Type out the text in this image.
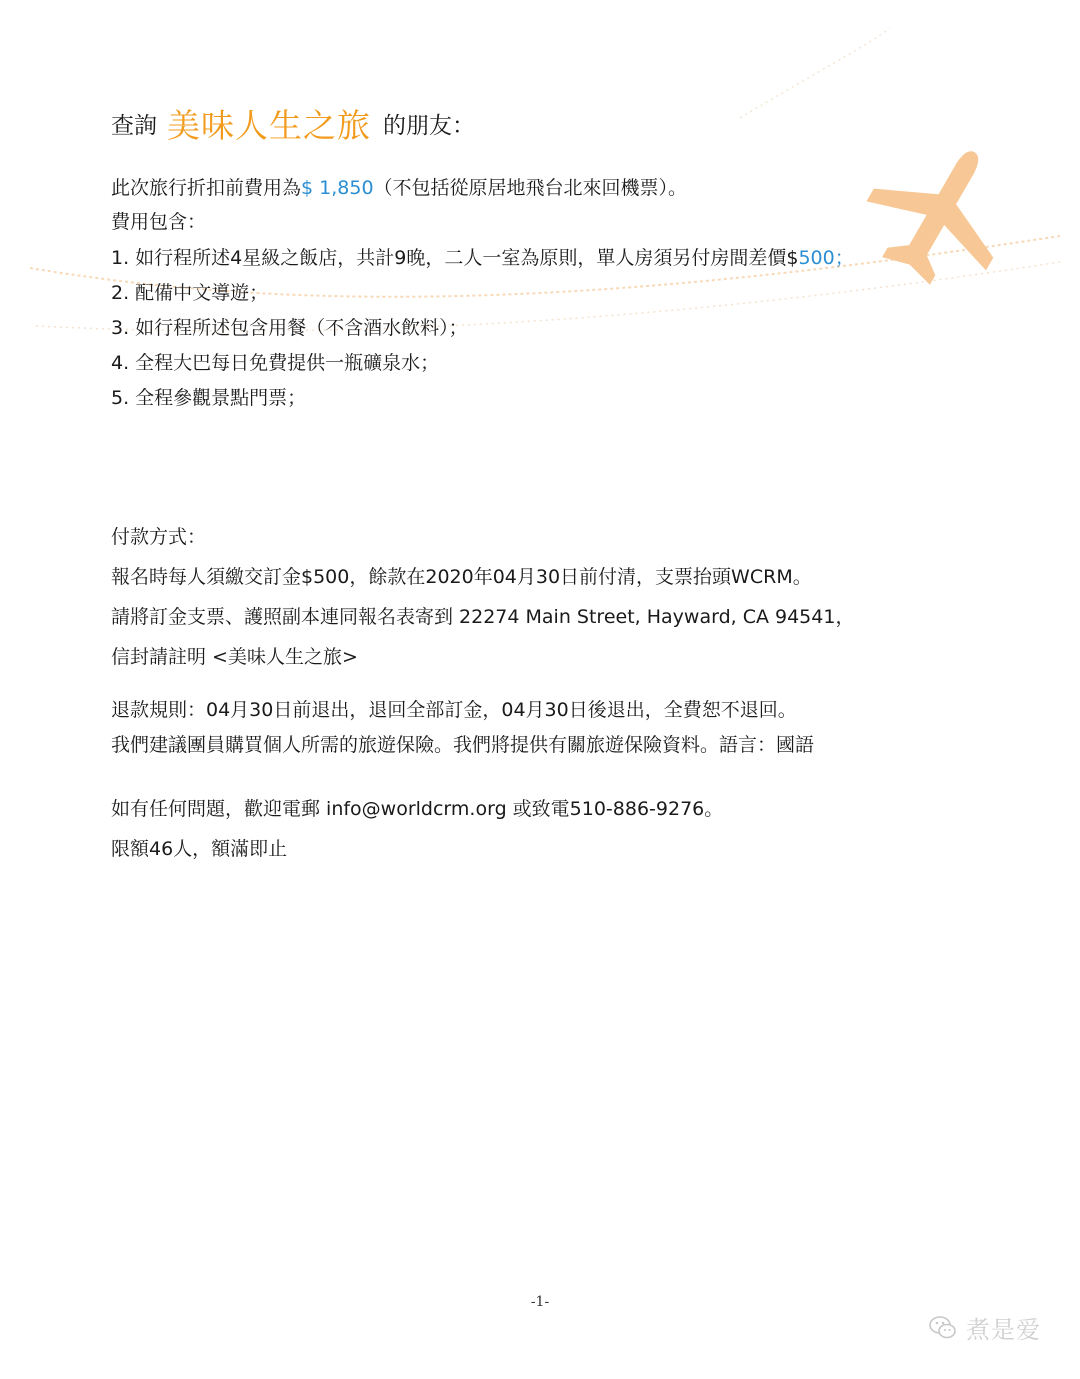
查詢 美味人生之旅 的朋友：
此次旅行折扣前費用為$ 1,850（不包括從原居地飛台北來回機票）。
費用包含：
1. 如行程所述4星級之飯店，共計9晚，二人一室為原則，單人房須另付房間差價$500；
2. 配備中文導遊；
3. 如行程所述包含用餐（不含酒水飲料）；
4. 全程大巴每日免費提供一瓶礦泉水；
5. 全程參觀景點門票；
付款方式：
報名時每人須繳交訂金$500，餘款在2020年04月30日前付清，支票抬頭WCRM。
請將訂金支票、護照副本連同報名表寄到 22274 Main Street, Hayward, CA 94541，
信封請註明 <美味人生之旅>
退款規則：04月30日前退出，退回全部訂金，04月30日後退出，全費恕不退回。
我們建議團員購買個人所需的旅遊保險。我們將提供有關旅遊保險資料。語言：國語
如有任何問題，歡迎電郵 info@worldcrm.org 或致電510-886-9276。
限額46人，額滿即止
-1-
煮是爱
